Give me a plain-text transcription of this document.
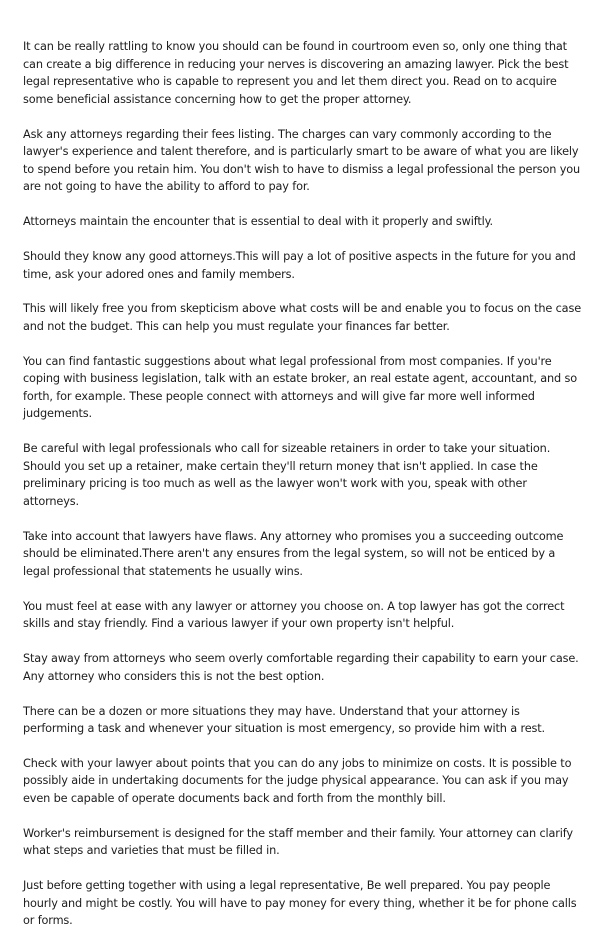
It can be really rattling to know you should can be found in courtroom even so, only one thing that can create a big difference in reducing your nerves is discovering an amazing lawyer. Pick the best legal representative who is capable to represent you and let them direct you. Read on to acquire some beneficial assistance concerning how to get the proper attorney.

Ask any attorneys regarding their fees listing. The charges can vary commonly according to the lawyer's experience and talent therefore, and is particularly smart to be aware of what you are likely to spend before you retain him. You don't wish to have to dismiss a legal professional the person you are not going to have the ability to afford to pay for.

Attorneys maintain the encounter that is essential to deal with it properly and swiftly.

Should they know any good attorneys.This will pay a lot of positive aspects in the future for you and time, ask your adored ones and family members.

This will likely free you from skepticism above what costs will be and enable you to focus on the case and not the budget. This can help you must regulate your finances far better.

You can find fantastic suggestions about what legal professional from most companies. If you're coping with business legislation, talk with an estate broker, an real estate agent, accountant, and so forth, for example. These people connect with attorneys and will give far more well informed judgements.

Be careful with legal professionals who call for sizeable retainers in order to take your situation. Should you set up a retainer, make certain they'll return money that isn't applied. In case the preliminary pricing is too much as well as the lawyer won't work with you, speak with other attorneys.

Take into account that lawyers have flaws. Any attorney who promises you a succeeding outcome should be eliminated.There aren't any ensures from the legal system, so will not be enticed by a legal professional that statements he usually wins.

You must feel at ease with any lawyer or attorney you choose on. A top lawyer has got the correct skills and stay friendly. Find a various lawyer if your own property isn't helpful.

Stay away from attorneys who seem overly comfortable regarding their capability to earn your case. Any attorney who considers this is not the best option.

There can be a dozen or more situations they may have. Understand that your attorney is performing a task and whenever your situation is most emergency, so provide him with a rest.

Check with your lawyer about points that you can do any jobs to minimize on costs. It is possible to possibly aide in undertaking documents for the judge physical appearance. You can ask if you may even be capable of operate documents back and forth from the monthly bill.

Worker's reimbursement is designed for the staff member and their family. Your attorney can clarify what steps and varieties that must be filled in.

Just before getting together with using a legal representative, Be well prepared. You pay people hourly and might be costly. You will have to pay money for every thing, whether it be for phone calls or forms.
